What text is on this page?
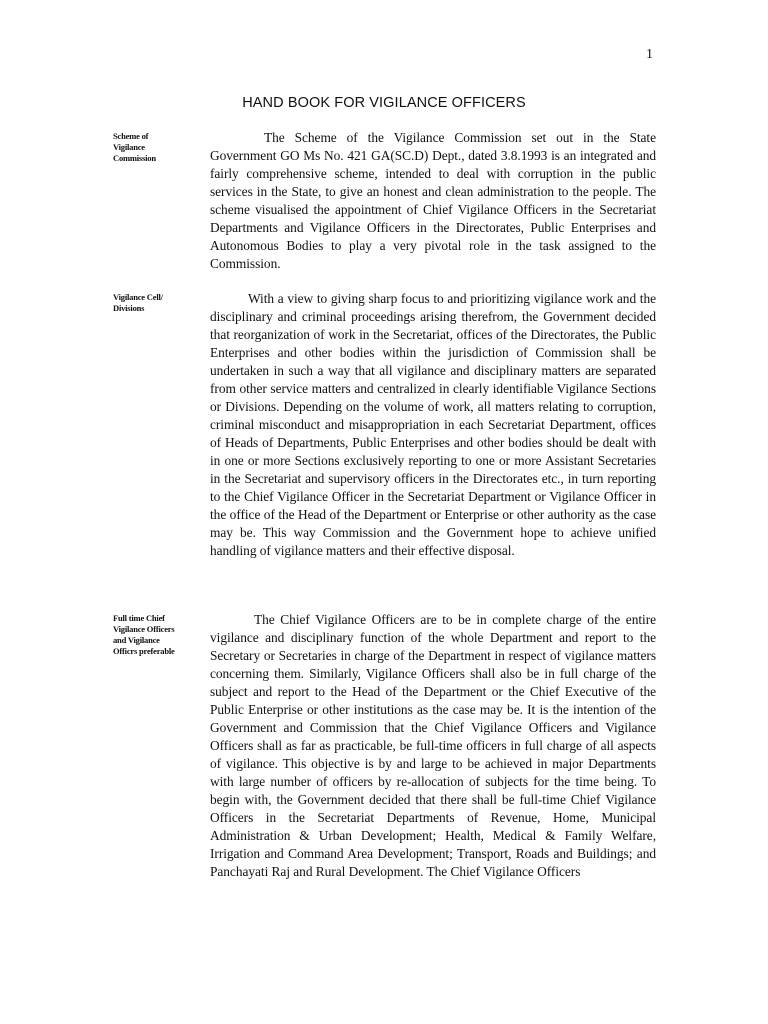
1
HAND BOOK FOR VIGILANCE OFFICERS
Scheme of
Vigilance
Commission

The Scheme of the Vigilance Commission set out in the State Government GO Ms No. 421 GA(SC.D) Dept., dated 3.8.1993 is an integrated and fairly comprehensive scheme, intended to deal with corruption in the public services in the State, to give an honest and clean administration to the people. The scheme visualised the appointment of Chief Vigilance Officers in the Secretariat Departments and Vigilance Officers in the Directorates, Public Enterprises and Autonomous Bodies to play a very pivotal role in the task assigned to the Commission.

Vigilance Cell/
Divisions

With a view to giving sharp focus to and prioritizing vigilance work and the disciplinary and criminal proceedings arising therefrom, the Government decided that reorganization of work in the Secretariat, offices of the Directorates, the Public Enterprises and other bodies within the jurisdiction of Commission shall be undertaken in such a way that all vigilance and disciplinary matters are separated from other service matters and centralized in clearly identifiable Vigilance Sections or Divisions. Depending on the volume of work, all matters relating to corruption, criminal misconduct and misappropriation in each Secretariat Department, offices of Heads of Departments, Public Enterprises and other bodies should be dealt with in one or more Sections exclusively reporting to one or more Assistant Secretaries in the Secretariat and supervisory officers in the Directorates etc., in turn reporting to the Chief Vigilance Officer in the Secretariat Department or Vigilance Officer in the office of the Head of the Department or Enterprise or other authority as the case may be. This way Commission and the Government hope to achieve unified handling of vigilance matters and their effective disposal.

Full time Chief
Vigilance Officers
and Vigilance
Officrs preferable

The Chief Vigilance Officers are to be in complete charge of the entire vigilance and disciplinary function of the whole Department and report to the Secretary or Secretaries in charge of the Department in respect of vigilance matters concerning them. Similarly, Vigilance Officers shall also be in full charge of the subject and report to the Head of the Department or the Chief Executive of the Public Enterprise or other institutions as the case may be. It is the intention of the Government and Commission that the Chief Vigilance Officers and Vigilance Officers shall as far as practicable, be full-time officers in full charge of all aspects of vigilance. This objective is by and large to be achieved in major Departments with large number of officers by re-allocation of subjects for the time being. To begin with, the Government decided that there shall be full-time Chief Vigilance Officers in the Secretariat Departments of Revenue, Home, Municipal Administration & Urban Development; Health, Medical & Family Welfare, Irrigation and Command Area Development; Transport, Roads and Buildings; and Panchayati Raj and Rural Development. The Chief Vigilance Officers
